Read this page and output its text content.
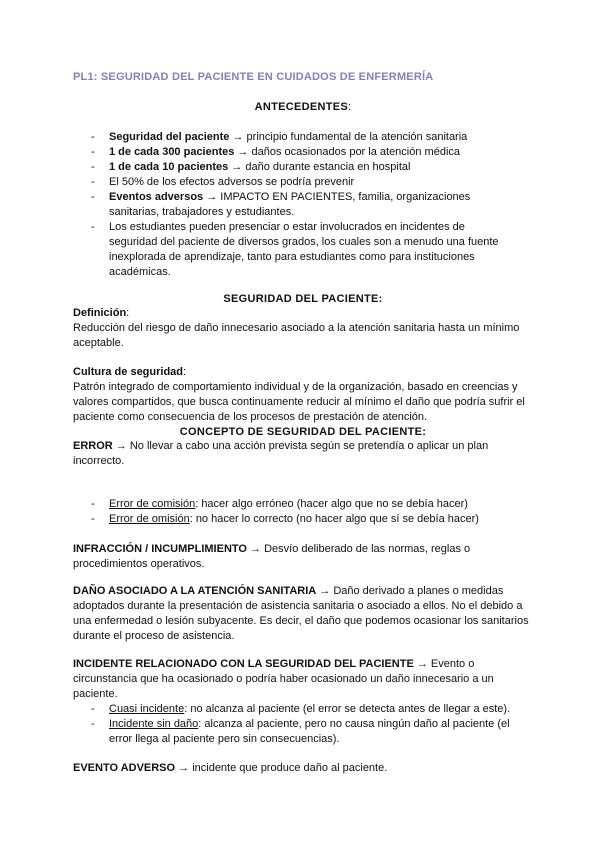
PL1: SEGURIDAD DEL PACIENTE EN CUIDADOS DE ENFERMERÍA
ANTECEDENTES:
- Seguridad del paciente → principio fundamental de la atención sanitaria
- 1 de cada 300 pacientes → daños ocasionados por la atención médica
- 1 de cada 10 pacientes → daño durante estancia en hospital
- El 50% de los efectos adversos se podría prevenir
- Eventos adversos → IMPACTO EN PACIENTES, familia, organizaciones sanitarias, trabajadores y estudiantes.
- Los estudiantes pueden presenciar o estar involucrados en incidentes de seguridad del paciente de diversos grados, los cuales son a menudo una fuente inexplorada de aprendizaje, tanto para estudiantes como para instituciones académicas.
SEGURIDAD DEL PACIENTE:
Definición:
Reducción del riesgo de daño innecesario asociado a la atención sanitaria hasta un mínimo aceptable.
Cultura de seguridad:
Patrón integrado de comportamiento individual y de la organización, basado en creencias y valores compartidos, que busca continuamente reducir al mínimo el daño que podría sufrir el paciente como consecuencia de los procesos de prestación de atención.
CONCEPTO DE SEGURIDAD DEL PACIENTE:
ERROR → No llevar a cabo una acción prevista según se pretendía o aplicar un plan incorrecto.
- Error de comisión: hacer algo erróneo (hacer algo que no se debía hacer)
- Error de omisión: no hacer lo correcto (no hacer algo que sí se debía hacer)
INFRACCIÓN / INCUMPLIMIENTO → Desvío deliberado de las normas, reglas o procedimientos operativos.
DAÑO ASOCIADO A LA ATENCIÓN SANITARIA → Daño derivado a planes o medidas adoptados durante la presentación de asistencia sanitaria o asociado a ellos. No el debido a una enfermedad o lesión subyacente. Es decir, el daño que podemos ocasionar los sanitarios durante el proceso de asistencia.
INCIDENTE RELACIONADO CON LA SEGURIDAD DEL PACIENTE → Evento o circunstancia que ha ocasionado o podría haber ocasionado un daño innecesario a un paciente.
- Cuasi incidente: no alcanza al paciente (el error se detecta antes de llegar a este).
- Incidente sin daño: alcanza al paciente, pero no causa ningún daño al paciente (el error llega al paciente pero sin consecuencias).
EVENTO ADVERSO → incidente que produce daño al paciente.
